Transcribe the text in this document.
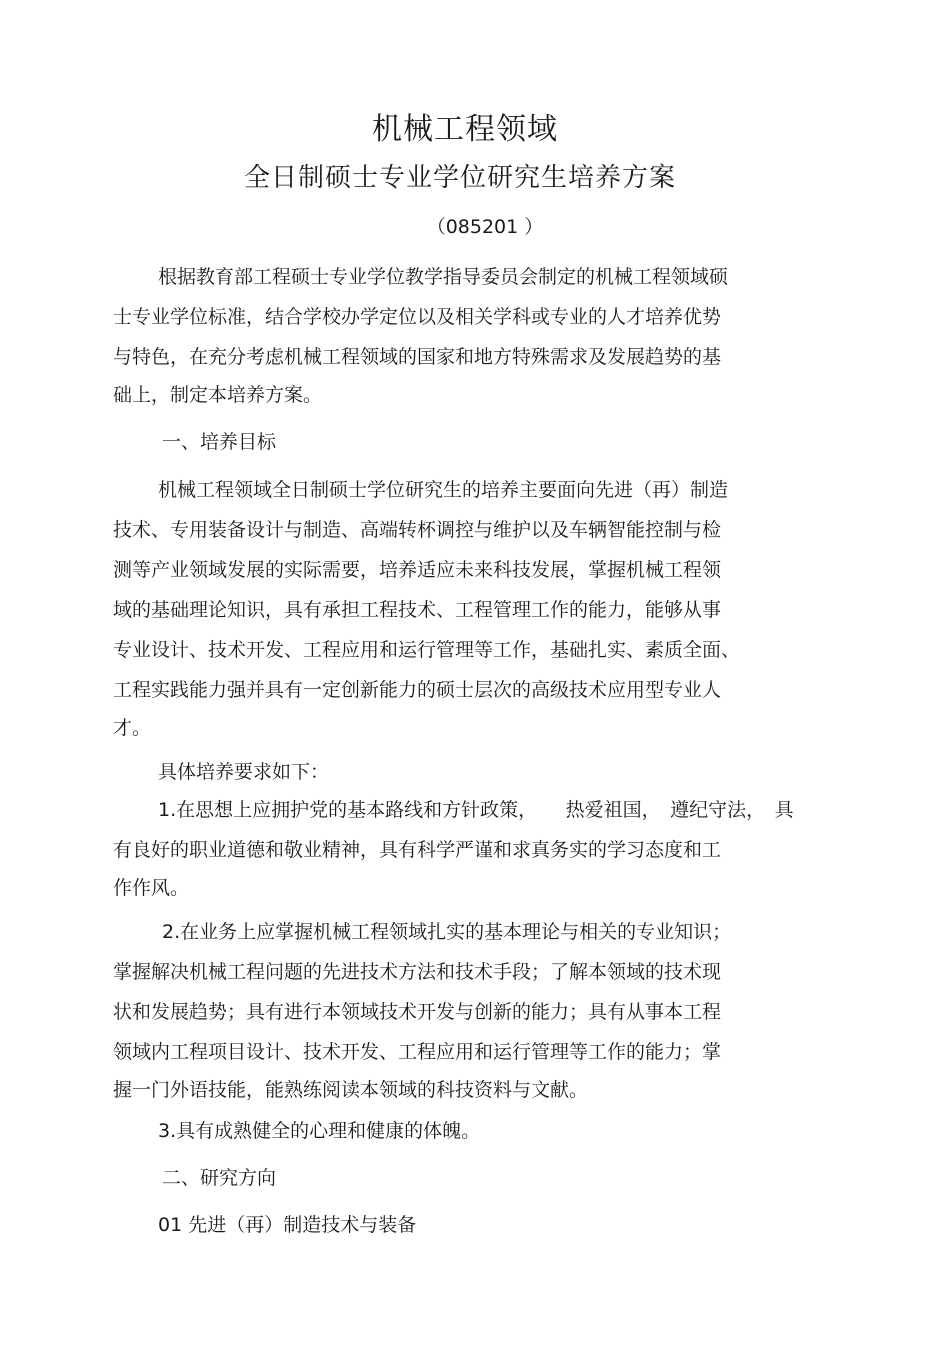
机械工程领域
全日制硕士专业学位研究生培养方案
（085201 ）
根据教育部工程硕士专业学位教学指导委员会制定的机械工程领域硕
士专业学位标准，结合学校办学定位以及相关学科或专业的人才培养优势
与特色，在充分考虑机械工程领域的国家和地方特殊需求及发展趋势的基
础上，制定本培养方案。
一、培养目标
机械工程领域全日制硕士学位研究生的培养主要面向先进（再）制造
技术、专用装备设计与制造、高端转杯调控与维护以及车辆智能控制与检
测等产业领域发展的实际需要，培养适应未来科技发展，掌握机械工程领
域的基础理论知识，具有承担工程技术、工程管理工作的能力，能够从事
专业设计、技术开发、工程应用和运行管理等工作，基础扎实、素质全面、
工程实践能力强并具有一定创新能力的硕士层次的高级技术应用型专业人
才。
具体培养要求如下：
1.在思想上应拥护党的基本路线和方针政策，　　热爱祖国，　遵纪守法，　具
有良好的职业道德和敬业精神，具有科学严谨和求真务实的学习态度和工
作作风。
2.在业务上应掌握机械工程领域扎实的基本理论与相关的专业知识；
掌握解决机械工程问题的先进技术方法和技术手段；了解本领域的技术现
状和发展趋势；具有进行本领域技术开发与创新的能力；具有从事本工程
领域内工程项目设计、技术开发、工程应用和运行管理等工作的能力；掌
握一门外语技能，能熟练阅读本领域的科技资料与文献。
3.具有成熟健全的心理和健康的体魄。
二、研究方向
01 先进（再）制造技术与装备
